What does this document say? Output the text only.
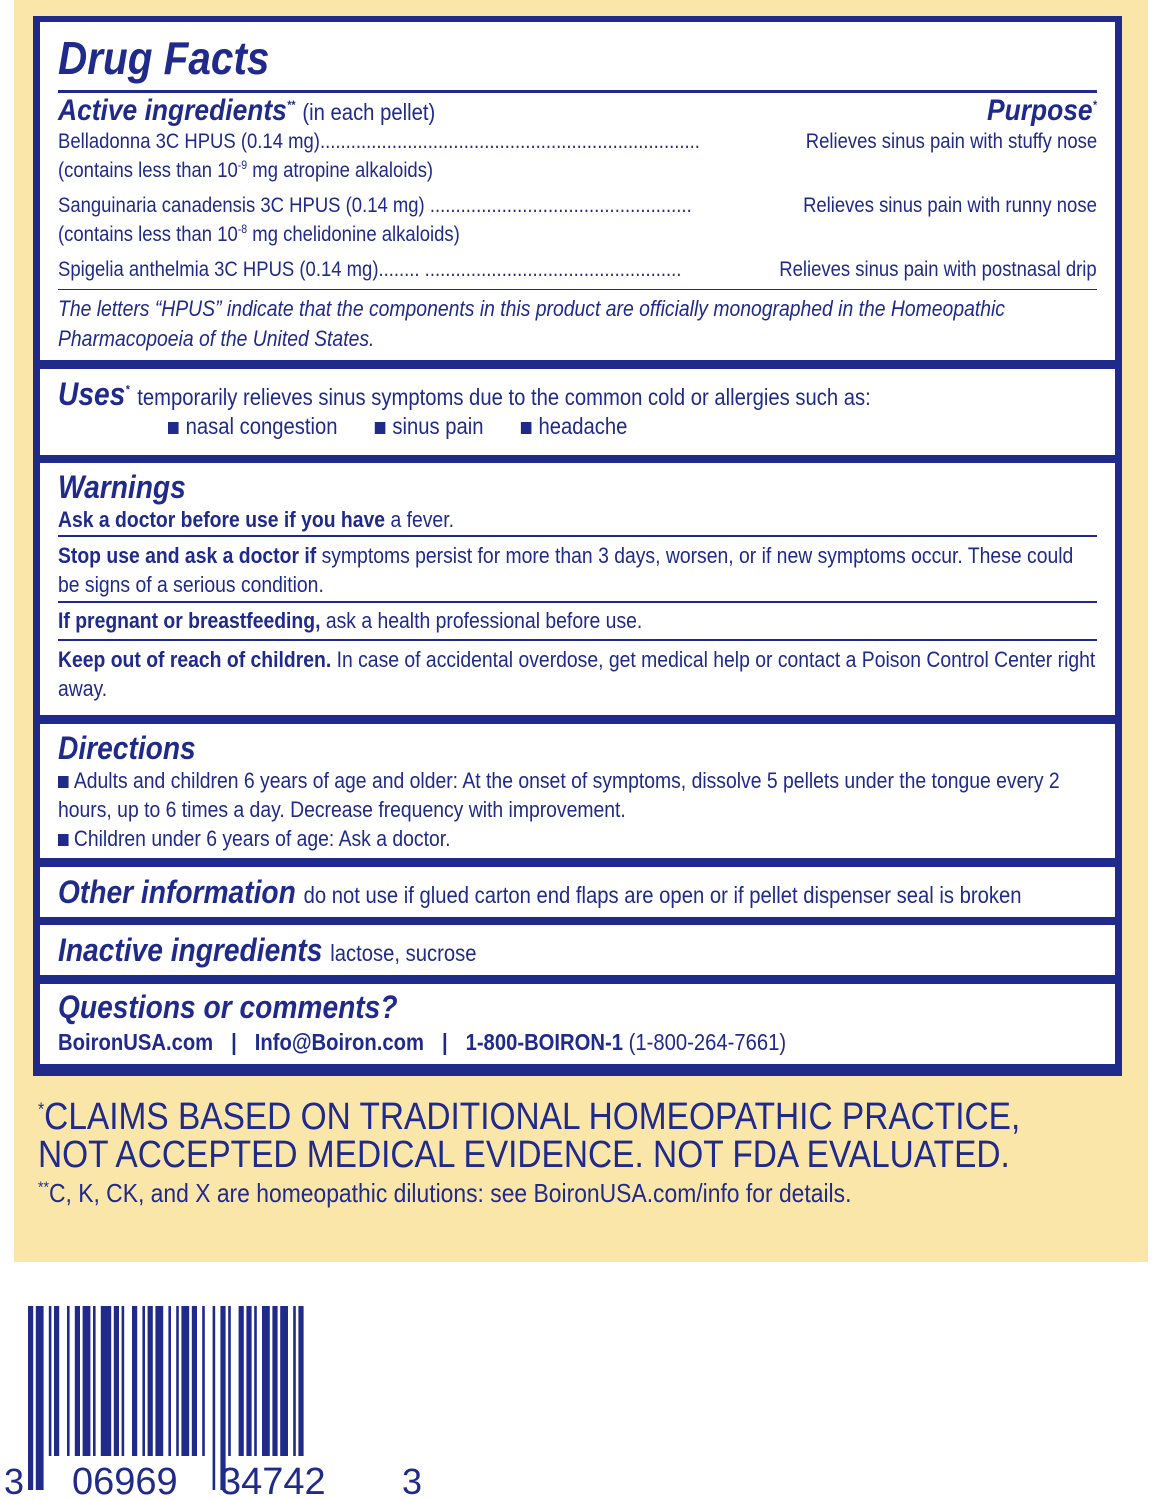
Drug Facts
Active ingredients** (in each pellet)	Purpose*
Belladonna 3C HPUS (0.14 mg)..........................................................................	Relieves sinus pain with stuffy nose
(contains less than $10^{-9}$ mg atropine alkaloids)
Sanguinaria canadensis 3C HPUS (0.14 mg) ...................................................	Relieves sinus pain with runny nose
(contains less than $10^{-8}$ mg chelidonine alkaloids)
Spigelia anthelmia 3C HPUS (0.14 mg)........ ..................................................	Relieves sinus pain with postnasal drip
The letters “HPUS” indicate that the components in this product are officially monographed in the Homeopathic Pharmacopoeia of the United States.
Uses* temporarily relieves sinus symptoms due to the common cold or allergies such as:
nasal congestion sinus pain headache
Warnings
Ask a doctor before use if you have a fever.
Stop use and ask a doctor if symptoms persist for more than 3 days, worsen, or if new symptoms occur. These could be signs of a serious condition.
If pregnant or breastfeeding, ask a health professional before use.
Keep out of reach of children. In case of accidental overdose, get medical help or contact a Poison Control Center right away.
Directions
Adults and children 6 years of age and older: At the onset of symptoms, dissolve 5 pellets under the tongue every 2 hours, up to 6 times a day. Decrease frequency with improvement.
Children under 6 years of age: Ask a doctor.
Other information do not use if glued carton end flaps are open or if pellet dispenser seal is broken
Inactive ingredients lactose, sucrose
Questions or comments?
BoironUSA.com | Info@Boiron.com | 1-800-BOIRON-1 (1-800-264-7661)
*CLAIMS BASED ON TRADITIONAL HOMEOPATHIC PRACTICE, NOT ACCEPTED MEDICAL EVIDENCE. NOT FDA EVALUATED.
**C, K, CK, and X are homeopathic dilutions: see BoironUSA.com/info for details.
3 06969 34742 3
